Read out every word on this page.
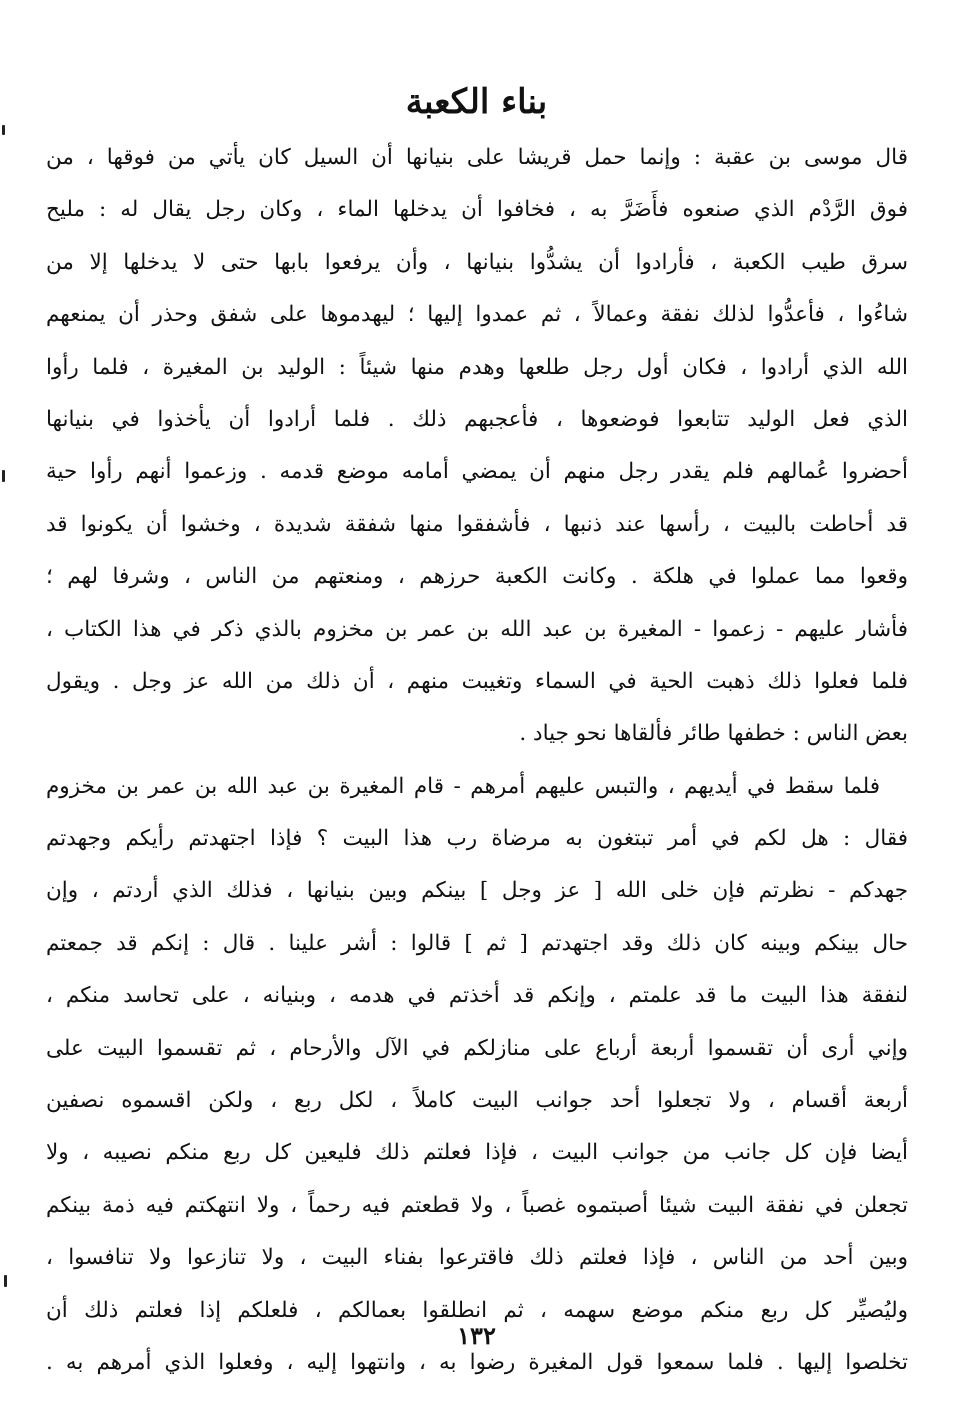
بناء الكعبة
قال موسى بن عقبة : وإنما حمل قريشا على بنيانها أن السيل كان يأتي من فوقها ، من
فوق الرَّدْم الذي صنعوه فأَضَرَّ به ، فخافوا أن يدخلها الماء ، وكان رجل يقال له : مليح
سرق طيب الكعبة ، فأرادوا أن يشدُّوا بنيانها ، وأن يرفعوا بابها حتى لا يدخلها إلا من
شاءُوا ، فأعدُّوا لذلك نفقة وعمالاً ، ثم عمدوا إليها ؛ ليهدموها على شفق وحذر أن يمنعهم
الله الذي أرادوا ، فكان أول رجل طلعها وهدم منها شيئاً : الوليد بن المغيرة ، فلما رأوا
الذي فعل الوليد تتابعوا فوضعوها ، فأعجبهم ذلك . فلما أرادوا أن يأخذوا في بنيانها
أحضروا عُمالهم فلم يقدر رجل منهم أن يمضي أمامه موضع قدمه . وزعموا أنهم رأوا حية
قد أحاطت بالبيت ، رأسها عند ذنبها ، فأشفقوا منها شفقة شديدة ، وخشوا أن يكونوا قد
وقعوا مما عملوا في هلكة . وكانت الكعبة حرزهم ، ومنعتهم من الناس ، وشرفا لهم ؛
فأشار عليهم - زعموا - المغيرة بن عبد الله بن عمر بن مخزوم بالذي ذكر في هذا الكتاب ،
فلما فعلوا ذلك ذهبت الحية في السماء وتغيبت منهم ، أن ذلك من الله عز وجل . ويقول
بعض الناس : خطفها طائر فألقاها نحو جياد .
فلما سقط في أيديهم ، والتبس عليهم أمرهم - قام المغيرة بن عبد الله بن عمر بن مخزوم
فقال : هل لكم في أمر تبتغون به مرضاة رب هذا البيت ؟ فإذا اجتهدتم رأيكم وجهدتم
جهدكم - نظرتم فإن خلى الله [ عز وجل ] بينكم وبين بنيانها ، فذلك الذي أردتم ، وإن
حال بينكم وبينه كان ذلك وقد اجتهدتم [ ثم ] قالوا : أشر علينا . قال : إنكم قد جمعتم
لنفقة هذا البيت ما قد علمتم ، وإنكم قد أخذتم في هدمه ، وبنيانه ، على تحاسد منكم ،
وإني أرى أن تقسموا أربعة أرباع على منازلكم في الآل والأرحام ، ثم تقسموا البيت على
أربعة أقسام ، ولا تجعلوا أحد جوانب البيت كاملاً ، لكل ربع ، ولكن اقسموه نصفين
أيضا فإن كل جانب من جوانب البيت ، فإذا فعلتم ذلك فليعين كل ربع منكم نصيبه ، ولا
تجعلن في نفقة البيت شيئا أصبتموه غصباً ، ولا قطعتم فيه رحماً ، ولا انتهكتم فيه ذمة بينكم
وبين أحد من الناس ، فإذا فعلتم ذلك فاقترعوا بفناء البيت ، ولا تنازعوا ولا تنافسوا ،
وليُصيِّر كل ربع منكم موضع سهمه ، ثم انطلقوا بعمالكم ، فلعلكم إذا فعلتم ذلك أن
تخلصوا إليها . فلما سمعوا قول المغيرة رضوا به ، وانتهوا إليه ، وفعلوا الذي أمرهم به .
١٣٢
